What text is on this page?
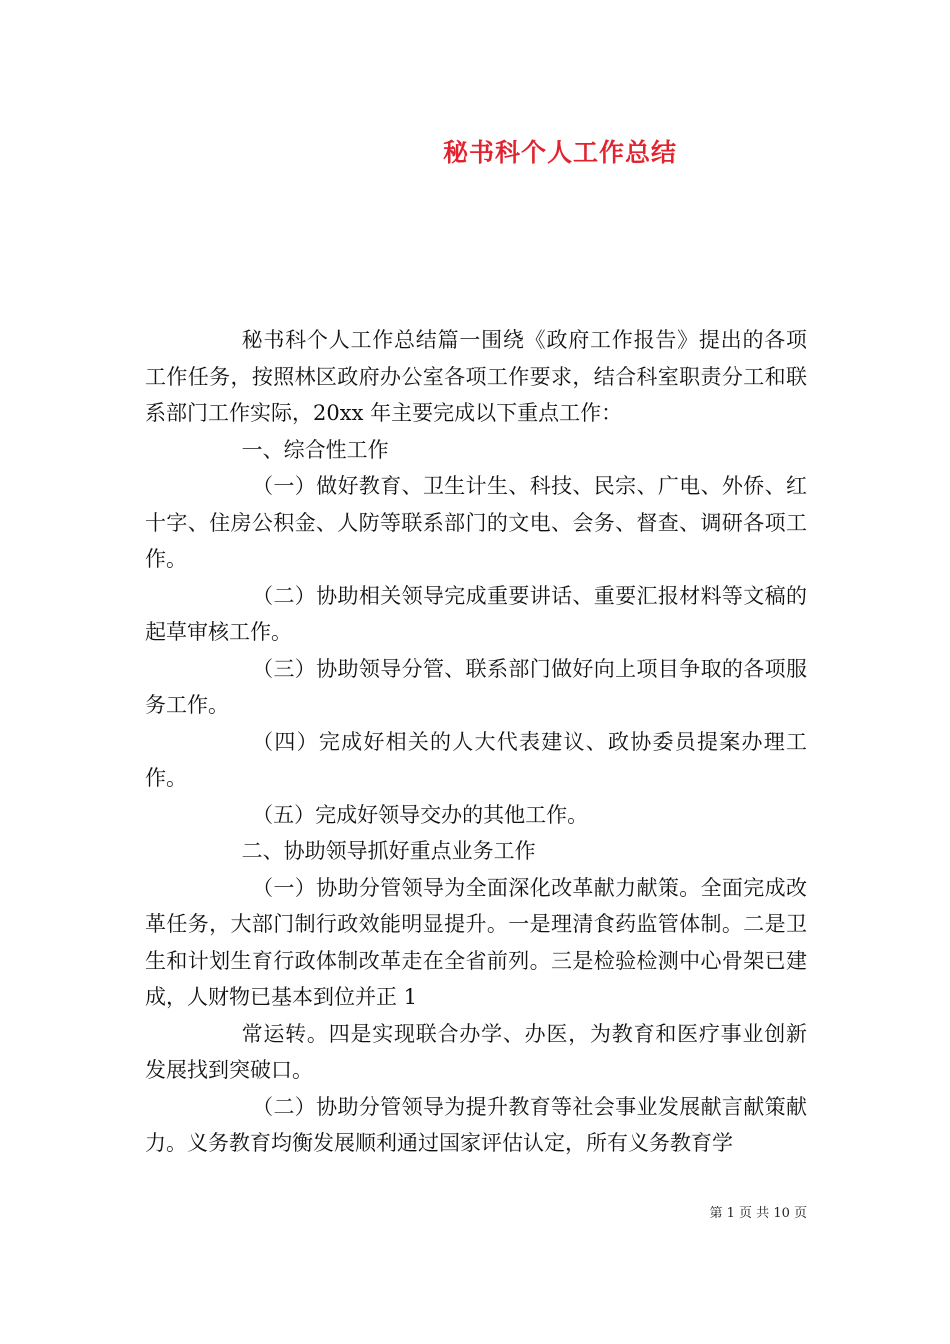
秘书科个人工作总结

秘书科个人工作总结篇一围绕《政府工作报告》提出的各项工作任务，按照林区政府办公室各项工作要求，结合科室职责分工和联系部门工作实际，20xx 年主要完成以下重点工作：

一、综合性工作

（一）做好教育、卫生计生、科技、民宗、广电、外侨、红十字、住房公积金、人防等联系部门的文电、会务、督查、调研各项工作。

（二）协助相关领导完成重要讲话、重要汇报材料等文稿的起草审核工作。

（三）协助领导分管、联系部门做好向上项目争取的各项服务工作。

（四）完成好相关的人大代表建议、政协委员提案办理工作。

（五）完成好领导交办的其他工作。

二、协助领导抓好重点业务工作

（一）协助分管领导为全面深化改革献力献策。全面完成改革任务，大部门制行政效能明显提升。一是理清食药监管体制。二是卫生和计划生育行政体制改革走在全省前列。三是检验检测中心骨架已建成，人财物已基本到位并正 1

常运转。四是实现联合办学、办医，为教育和医疗事业创新发展找到突破口。

（二）协助分管领导为提升教育等社会事业发展献言献策献力。义务教育均衡发展顺利通过国家评估认定，所有义务教育学

第 1 页 共 10 页
